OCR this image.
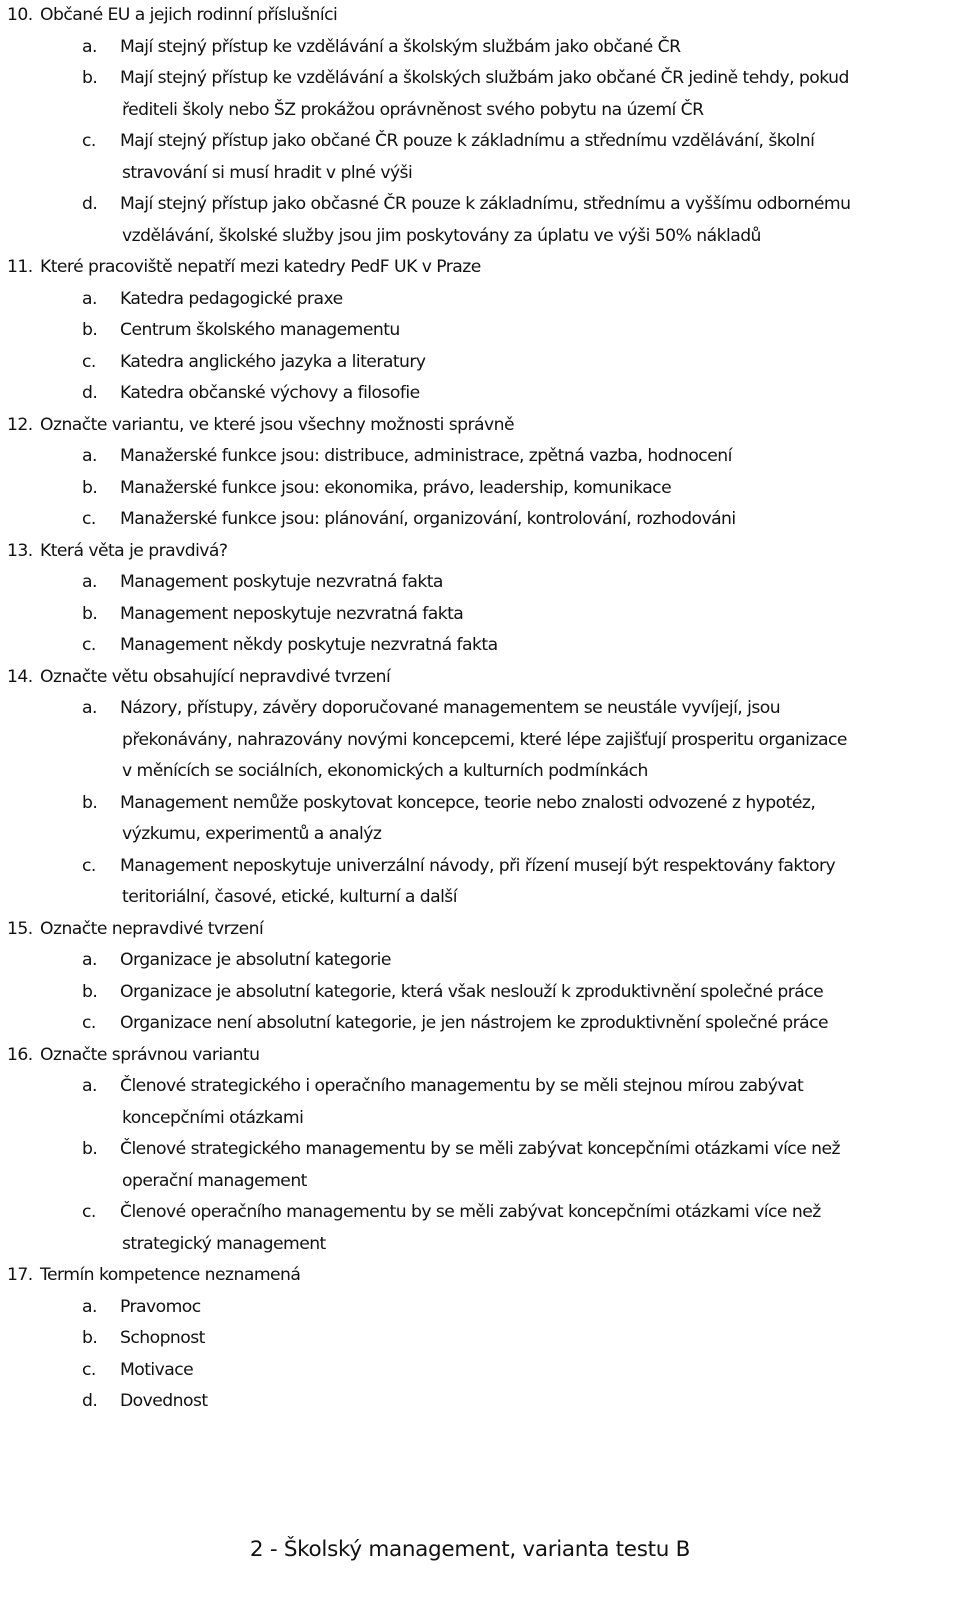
10. Občané EU a jejich rodinní příslušníci
a. Mají stejný přístup ke vzdělávání a školským službám jako občané ČR
b. Mají stejný přístup ke vzdělávání a školských službám jako občané ČR jedině tehdy, pokud
řediteli školy nebo ŠZ prokážou oprávněnost svého pobytu na území ČR
c. Mají stejný přístup jako občané ČR pouze k základnímu a střednímu vzdělávání, školní
stravování si musí hradit v plné výši
d. Mají stejný přístup jako občasné ČR pouze k základnímu, střednímu a vyššímu odbornému
vzdělávání, školské služby jsou jim poskytovány za úplatu ve výši 50% nákladů
11. Které pracoviště nepatří mezi katedry PedF UK v Praze
a. Katedra pedagogické praxe
b. Centrum školského managementu
c. Katedra anglického jazyka a literatury
d. Katedra občanské výchovy a filosofie
12. Označte variantu, ve které jsou všechny možnosti správně
a. Manažerské funkce jsou: distribuce, administrace, zpětná vazba, hodnocení
b. Manažerské funkce jsou: ekonomika, právo, leadership, komunikace
c. Manažerské funkce jsou: plánování, organizování, kontrolování, rozhodováni
13. Která věta je pravdivá?
a. Management poskytuje nezvratná fakta
b. Management neposkytuje nezvratná fakta
c. Management někdy poskytuje nezvratná fakta
14. Označte větu obsahující nepravdivé tvrzení
a. Názory, přístupy, závěry doporučované managementem se neustále vyvíjejí, jsou
překonávány, nahrazovány novými koncepcemi, které lépe zajišťují prosperitu organizace
v měnících se sociálních, ekonomických a kulturních podmínkách
b. Management nemůže poskytovat koncepce, teorie nebo znalosti odvozené z hypotéz,
výzkumu, experimentů a analýz
c. Management neposkytuje univerzální návody, při řízení musejí být respektovány faktory
teritoriální, časové, etické, kulturní a další
15. Označte nepravdivé tvrzení
a. Organizace je absolutní kategorie
b. Organizace je absolutní kategorie, která však neslouží k zproduktivnění společné práce
c. Organizace není absolutní kategorie, je jen nástrojem ke zproduktivnění společné práce
16. Označte správnou variantu
a. Členové strategického i operačního managementu by se měli stejnou mírou zabývat
koncepčními otázkami
b. Členové strategického managementu by se měli zabývat koncepčními otázkami více než
operační management
c. Členové operačního managementu by se měli zabývat koncepčními otázkami více než
strategický management
17. Termín kompetence neznamená
a. Pravomoc
b. Schopnost
c. Motivace
d. Dovednost
2 - Školský management, varianta testu B
